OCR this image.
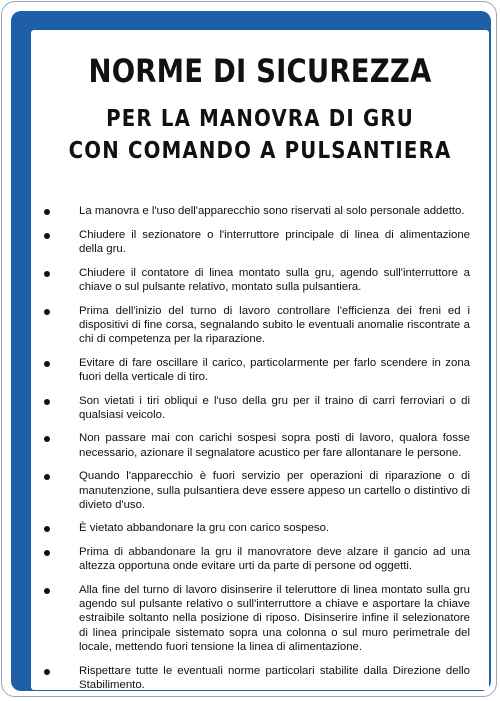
NORME DI SICUREZZA
PER LA MANOVRA DI GRU
CON COMANDO A PULSANTIERA
La manovra e l'uso dell'apparecchio sono riservati al solo personale addetto.
Chiudere il sezionatore o l'interruttore principale di linea di alimentazione della gru.
Chiudere il contatore di linea montato sulla gru, agendo sull'interruttore a chiave o sul pulsante relativo, montato sulla pulsantiera.
Prima dell'inizio del turno di lavoro controllare l'efficienza dei freni ed i dispositivi di fine corsa, segnalando subito le eventuali anomalie riscontrate a chi di competenza per la riparazione.
Evitare di fare oscillare il carico, particolarmente per farlo scendere in zona fuori della verticale di tiro.
Son vietati i tiri obliqui e l'uso della gru per il traino di carri ferroviari o di qualsiasi veicolo.
Non passare mai con carichi sospesi sopra posti di lavoro, qualora fosse necessario, azionare il segnalatore acustico per fare allontanare le persone.
Quando l'apparecchio è fuori servizio per operazioni di riparazione o di manutenzione, sulla pulsantiera deve essere appeso un cartello o distintivo di divieto d'uso.
È vietato abbandonare la gru con carico sospeso.
Prima di abbandonare la gru il manovratore deve alzare il gancio ad una altezza opportuna onde evitare urti da parte di persone od oggetti.
Alla fine del turno di lavoro disinserire il teleruttore di linea montato sulla gru agendo sul pulsante relativo o sull'interruttore a chiave e asportare la chiave estraibile soltanto nella posizione di riposo. Disinserire infine il selezionatore di linea principale sistemato sopra una colonna o sul muro perimetrale del locale, mettendo fuori tensione la linea di alimentazione.
Rispettare tutte le eventuali norme particolari stabilite dalla Direzione dello Stabilimento.
